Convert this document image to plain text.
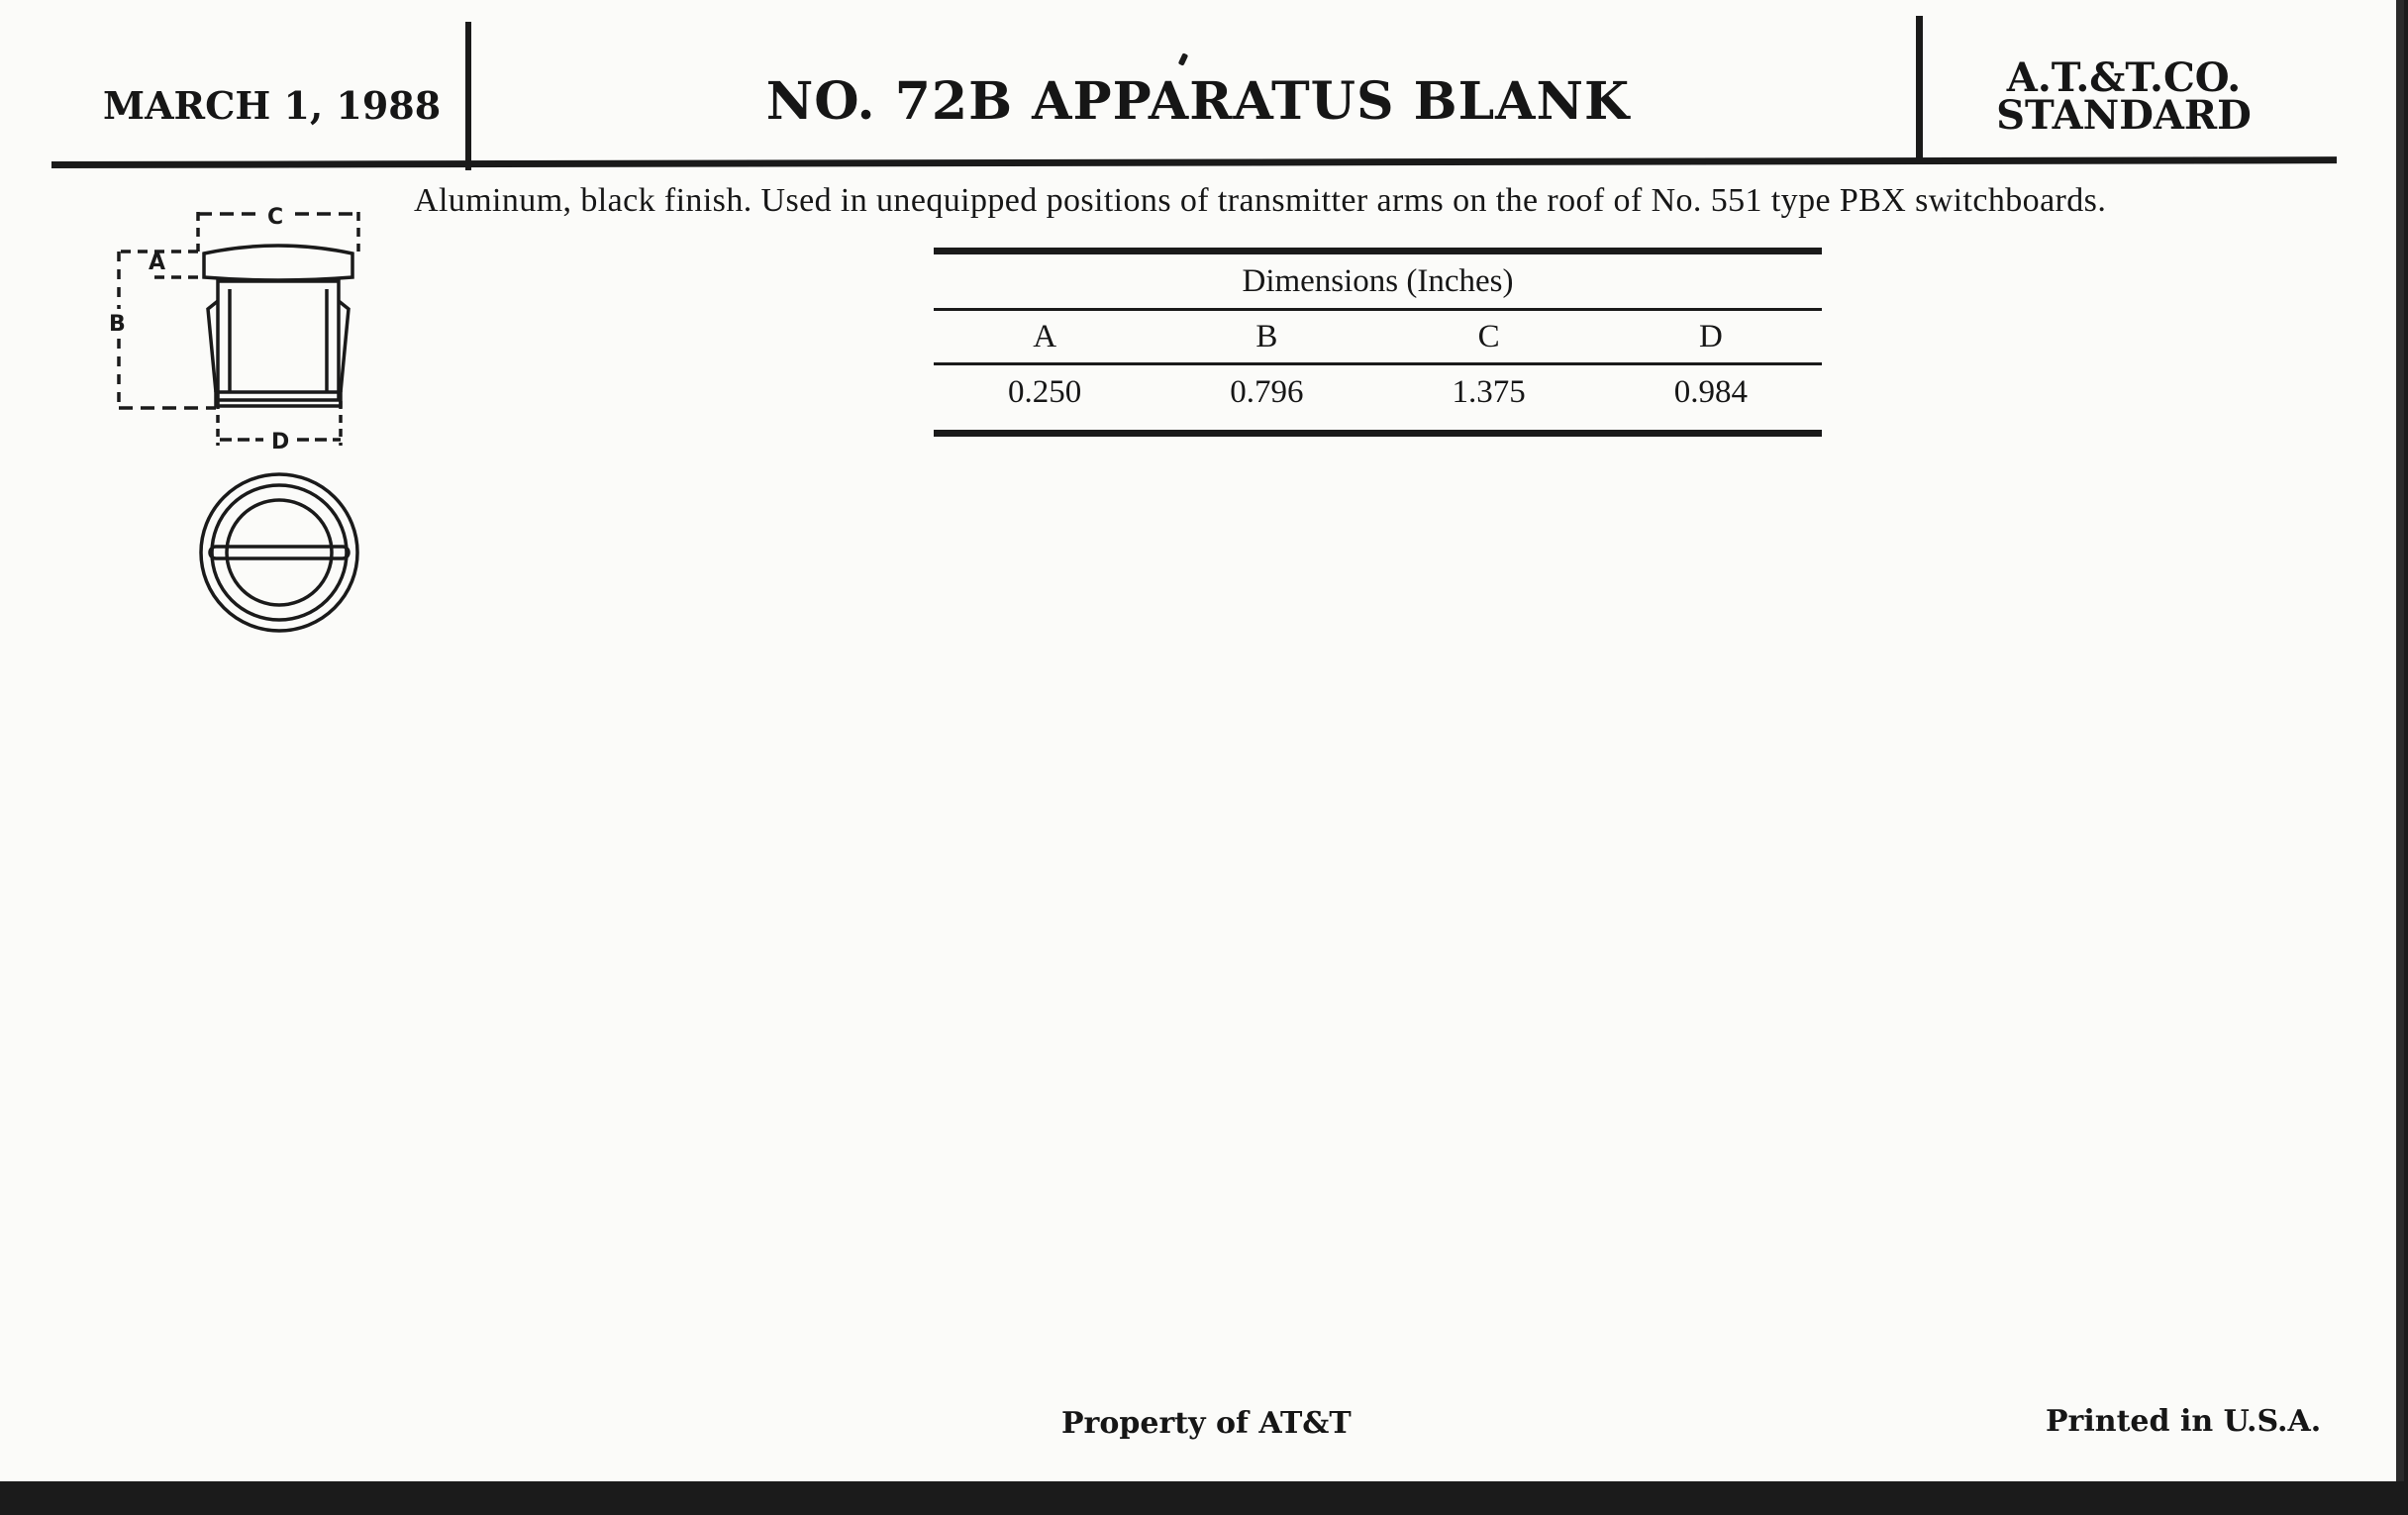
MARCH 1, 1988	NO. 72B APPARATUS BLANK	A.T.&T.CO.
STANDARD
Aluminum, black finish. Used in unequipped positions of transmitter arms on the roof of No. 551 type PBX switchboards.
C
A
B
D
Dimensions (Inches)
A	B	C	D
0.250	0.796	1.375	0.984
Property of AT&T	Printed in U.S.A.
